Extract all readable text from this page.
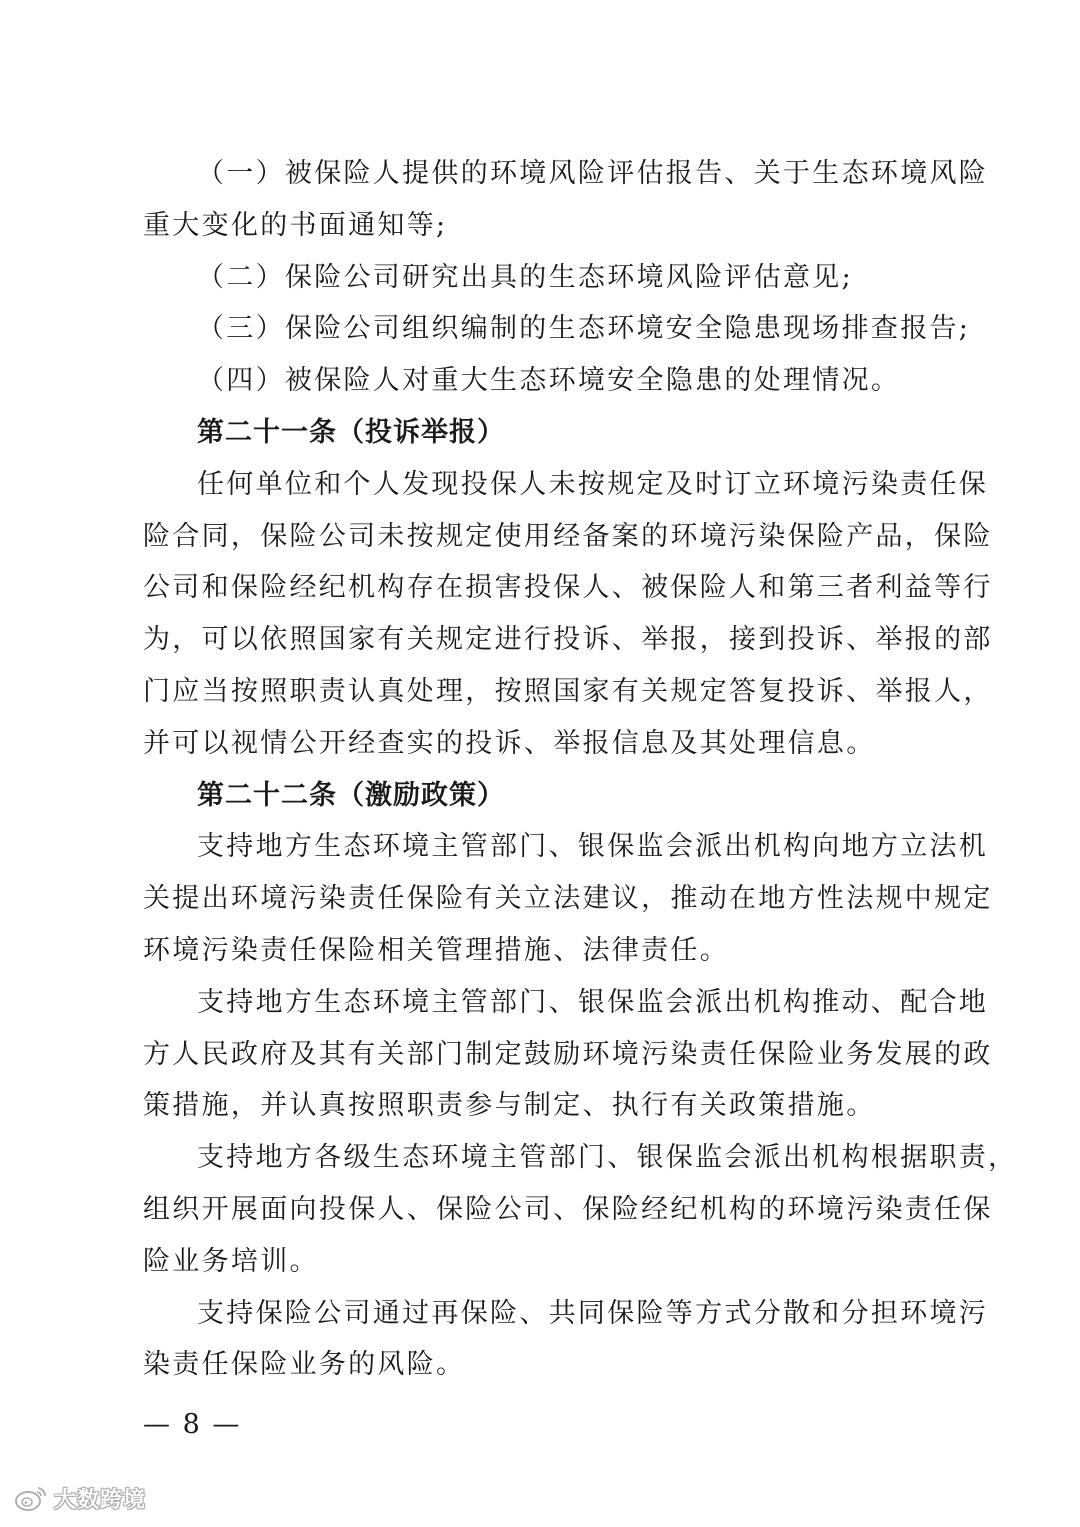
（一）被保险人提供的环境风险评估报告、关于生态环境风险
重大变化的书面通知等;
（二）保险公司研究出具的生态环境风险评估意见;
（三）保险公司组织编制的生态环境安全隐患现场排查报告;
（四）被保险人对重大生态环境安全隐患的处理情况。
第二十一条（投诉举报）
任何单位和个人发现投保人未按规定及时订立环境污染责任保
险合同，保险公司未按规定使用经备案的环境污染保险产品，保险
公司和保险经纪机构存在损害投保人、被保险人和第三者利益等行
为，可以依照国家有关规定进行投诉、举报，接到投诉、举报的部
门应当按照职责认真处理，按照国家有关规定答复投诉、举报人，
并可以视情公开经查实的投诉、举报信息及其处理信息。
第二十二条（激励政策）
支持地方生态环境主管部门、银保监会派出机构向地方立法机
关提出环境污染责任保险有关立法建议，推动在地方性法规中规定
环境污染责任保险相关管理措施、法律责任。
支持地方生态环境主管部门、银保监会派出机构推动、配合地
方人民政府及其有关部门制定鼓励环境污染责任保险业务发展的政
策措施，并认真按照职责参与制定、执行有关政策措施。
支持地方各级生态环境主管部门、银保监会派出机构根据职责，
组织开展面向投保人、保险公司、保险经纪机构的环境污染责任保
险业务培训。
支持保险公司通过再保险、共同保险等方式分散和分担环境污
染责任保险业务的风险。
— 8 —
大数跨境
